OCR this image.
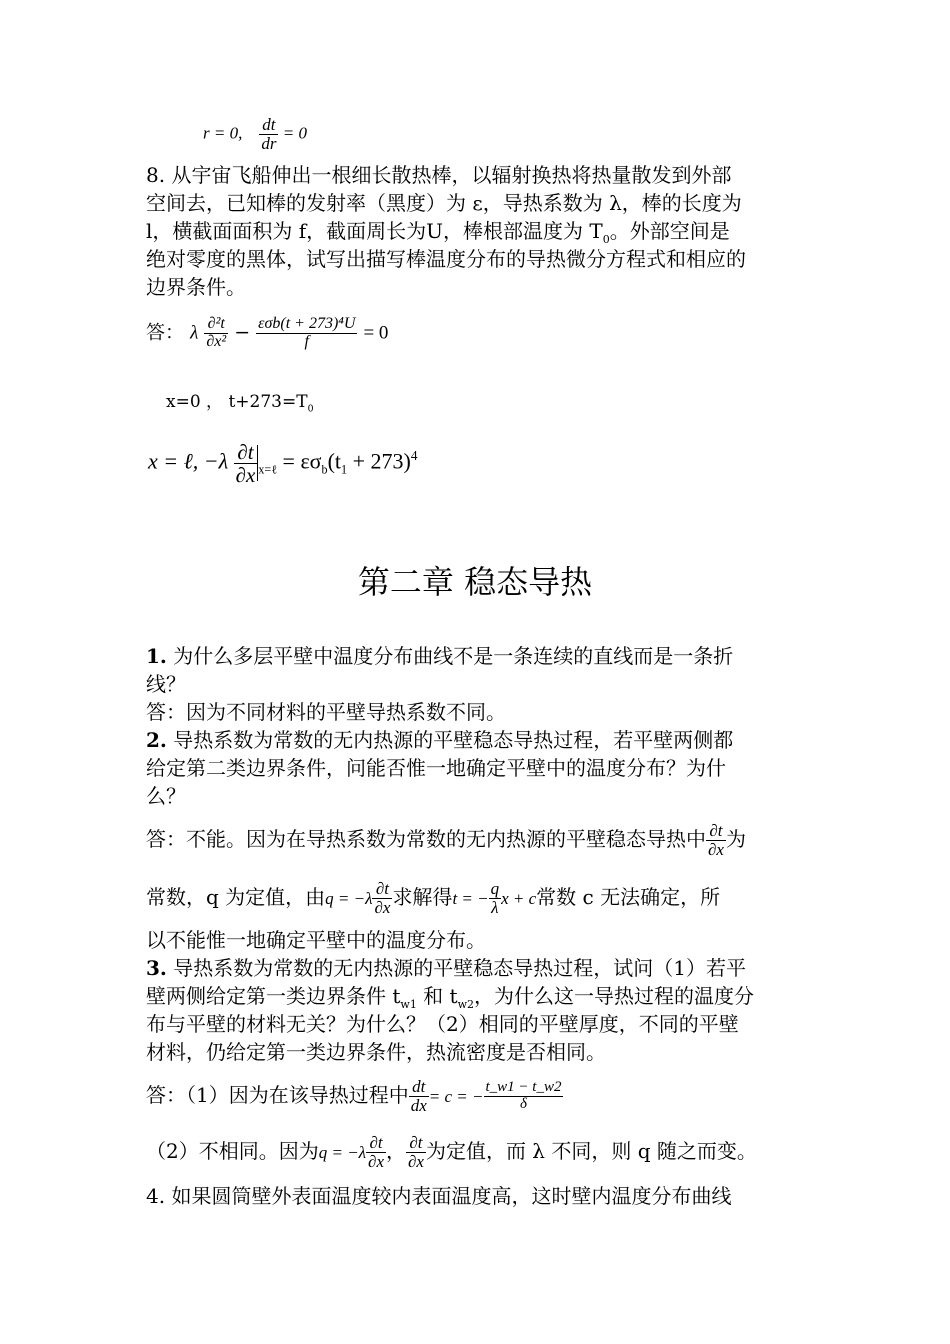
r = 0, $\frac{dt}{dr} = 0$
8. 从宇宙飞船伸出一根细长散热棒，以辐射换热将热量散发到外部
空间去，已知棒的发射率（黑度）为 ε，导热系数为 λ，棒的长度为
l，横截面面积为 f，截面周长为U，棒根部温度为 $T_0$。外部空间是
绝对零度的黑体，试写出描写棒温度分布的导热微分方程式和相应的
边界条件。
答： λ $\frac{\text{∂²t}}{\text{∂x²}} - \frac{\text{εσb(t + 273)⁴U}}{f} = 0$
x=0 ， $t+273=T_0$
x = ℓ, $-\lambda \frac{\partial t}{\partial x} _{x=\ell} = \varepsilon\sigma_b(t_1 + 273)^4$
第二章 稳态导热
1. 为什么多层平壁中温度分布曲线不是一条连续的直线而是一条折
线？
答：因为不同材料的平壁导热系数不同。
2. 导热系数为常数的无内热源的平壁稳态导热过程，若平壁两侧都
给定第二类边界条件，问能否惟一地确定平壁中的温度分布？为什
么？
答：不能。因为在导热系数为常数的无内热源的平壁稳态导热中 $\frac{\partial t}{\partial x}$ 为
常数，q 为定值，由$q = -\lambda \frac{\partial t}{\partial x}$ 求解得t = − $\frac{q}{\lambda}$ x + c常数 c 无法确定，所
以不能惟一地确定平壁中的温度分布。
3. 导热系数为常数的无内热源的平壁稳态导热过程，试问（1）若平
壁两侧给定第一类边界条件 $t_{w1}$ 和 $t_{w2}$，为什么这一导热过程的温度分
布与平壁的材料无关？为什么？（2）相同的平壁厚度，不同的平壁
材料，仍给定第一类边界条件，热流密度是否相同。
答：（1）因为在该导热过程中 $\frac{dt}{dx} = c$ = − $\frac{t\_w1 - t\_w2}{\delta}$
（2）不相同。因为$q = -\lambda \frac{\partial t}{\partial x}$ ， $\frac{\partial t}{\partial x}$ 为定值，而 λ 不同，则 q 随之而变。
4. 如果圆筒壁外表面温度较内表面温度高，这时壁内温度分布曲线
